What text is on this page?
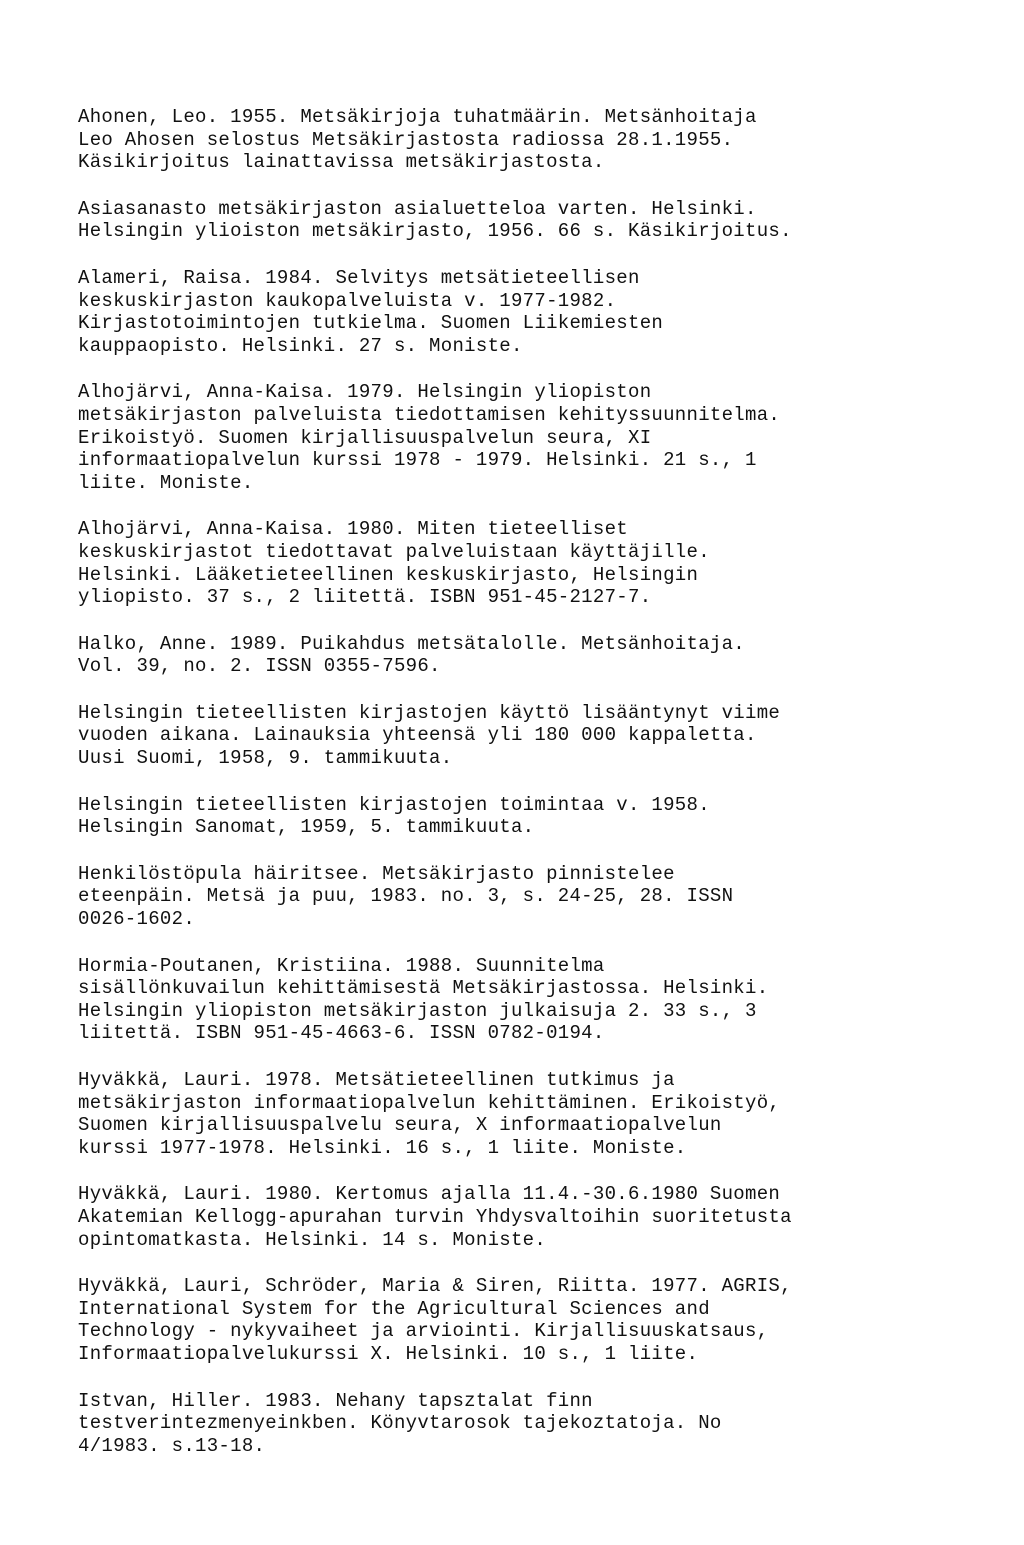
Ahonen, Leo. 1955. Metsäkirjoja tuhatmäärin. Metsänhoitaja
Leo Ahosen selostus Metsäkirjastosta radiossa 28.1.1955.
Käsikirjoitus lainattavissa metsäkirjastosta.
Asiasanasto metsäkirjaston asialuetteloa varten. Helsinki.
Helsingin ylioiston metsäkirjasto, 1956. 66 s. Käsikirjoitus.
Alameri, Raisa. 1984. Selvitys metsätieteellisen
keskuskirjaston kaukopalveluista v. 1977-1982.
Kirjastotoimintojen tutkielma. Suomen Liikemiesten
kauppaopisto. Helsinki. 27 s. Moniste.
Alhojärvi, Anna-Kaisa. 1979. Helsingin yliopiston
metsäkirjaston palveluista tiedottamisen kehityssuunnitelma.
Erikoistyö. Suomen kirjallisuuspalvelun seura, XI
informaatiopalvelun kurssi 1978 - 1979. Helsinki. 21 s., 1
liite. Moniste.
Alhojärvi, Anna-Kaisa. 1980. Miten tieteelliset
keskuskirjastot tiedottavat palveluistaan käyttäjille.
Helsinki. Lääketieteellinen keskuskirjasto, Helsingin
yliopisto. 37 s., 2 liitettä. ISBN 951-45-2127-7.
Halko, Anne. 1989. Puikahdus metsätalolle. Metsänhoitaja.
Vol. 39, no. 2. ISSN 0355-7596.
Helsingin tieteellisten kirjastojen käyttö lisääntynyt viime
vuoden aikana. Lainauksia yhteensä yli 180 000 kappaletta.
Uusi Suomi, 1958, 9. tammikuuta.
Helsingin tieteellisten kirjastojen toimintaa v. 1958.
Helsingin Sanomat, 1959, 5. tammikuuta.
Henkilöstöpula häiritsee. Metsäkirjasto pinnistelee
eteenpäin. Metsä ja puu, 1983. no. 3, s. 24-25, 28. ISSN
0026-1602.
Hormia-Poutanen, Kristiina. 1988. Suunnitelma
sisällönkuvailun kehittämisestä Metsäkirjastossa. Helsinki.
Helsingin yliopiston metsäkirjaston julkaisuja 2. 33 s., 3
liitettä. ISBN 951-45-4663-6. ISSN 0782-0194.
Hyväkkä, Lauri. 1978. Metsätieteellinen tutkimus ja
metsäkirjaston informaatiopalvelun kehittäminen. Erikoistyö,
Suomen kirjallisuuspalvelu seura, X informaatiopalvelun
kurssi 1977-1978. Helsinki. 16 s., 1 liite. Moniste.
Hyväkkä, Lauri. 1980. Kertomus ajalla 11.4.-30.6.1980 Suomen
Akatemian Kellogg-apurahan turvin Yhdysvaltoihin suoritetusta
opintomatkasta. Helsinki. 14 s. Moniste.
Hyväkkä, Lauri, Schröder, Maria & Siren, Riitta. 1977. AGRIS,
International System for the Agricultural Sciences and
Technology - nykyvaiheet ja arviointi. Kirjallisuuskatsaus,
Informaatiopalvelukurssi X. Helsinki. 10 s., 1 liite.
Istvan, Hiller. 1983. Nehany tapsztalat finn
testverintezmenyeinkben. Könyvtarosok tajekoztatoja. No
4/1983. s.13-18.
